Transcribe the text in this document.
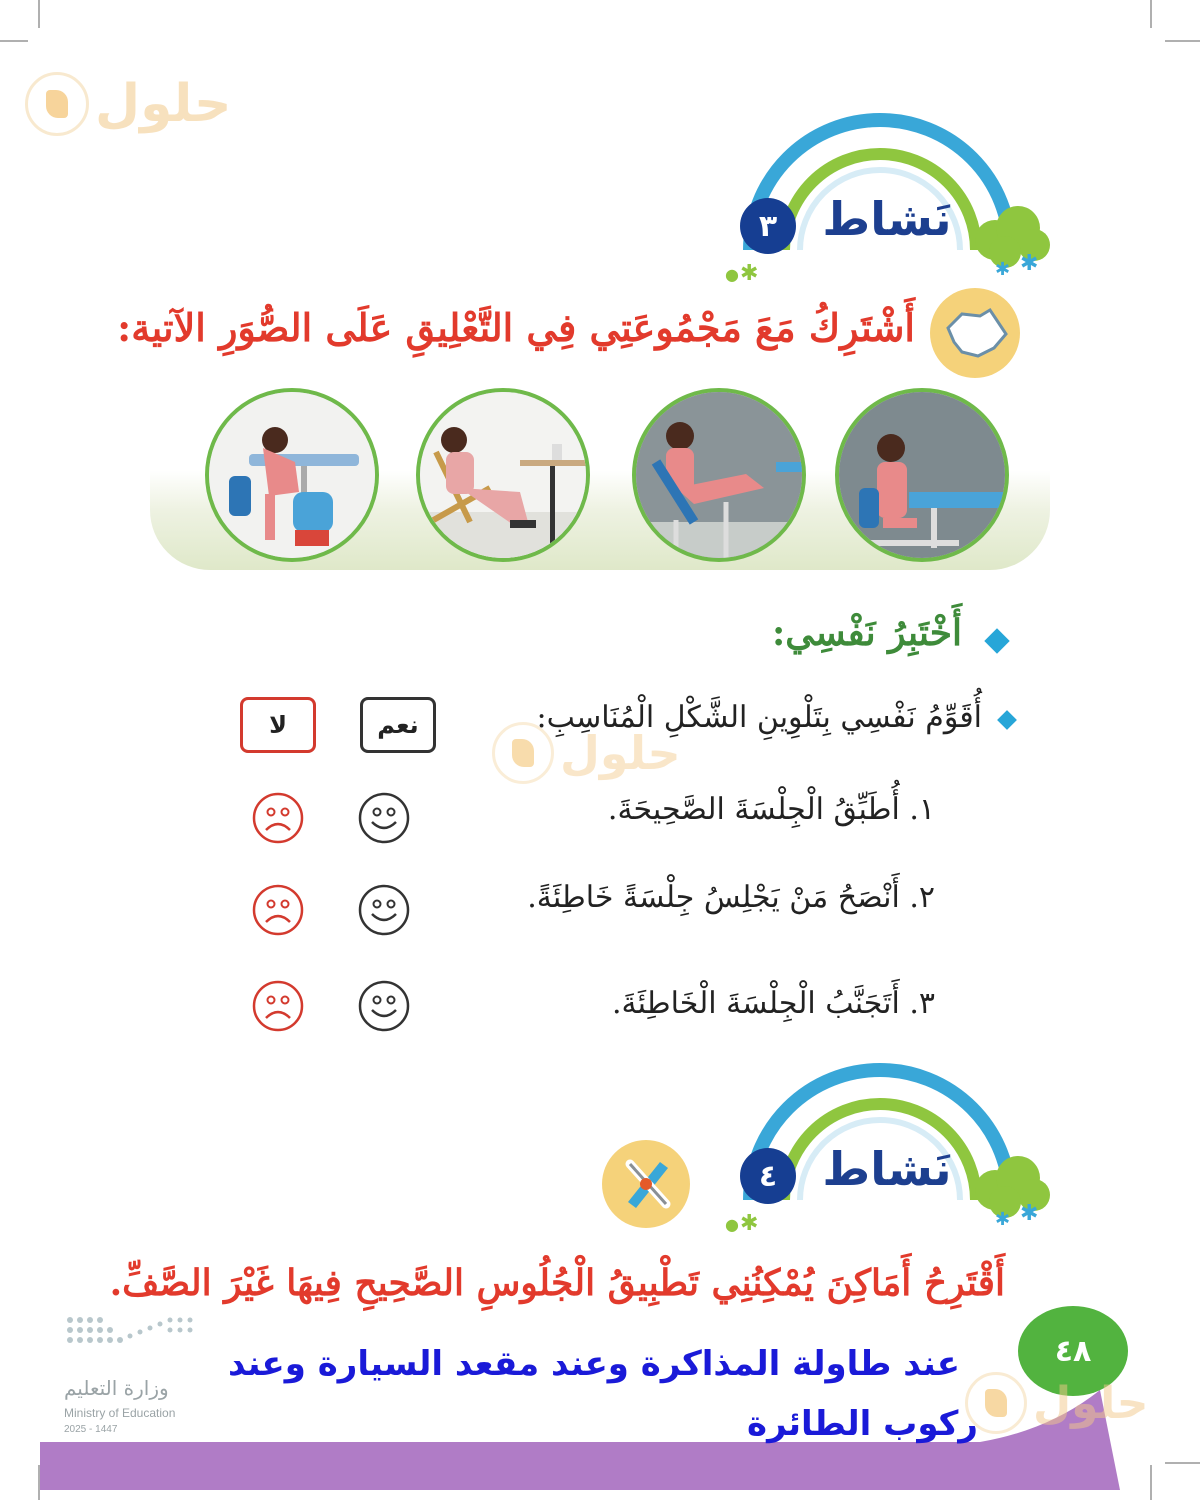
حلول
✱
✱
✱
●
نَشاط
٣
أَشْتَرِكُ مَعَ مَجْمُوعَتِي فِي التَّعْلِيقِ عَلَى الصُّوَرِ الآتية:
أَخْتَبِرُ نَفْسِي:
أُقَوِّمُ نَفْسِي بِتَلْوِينِ الشَّكْلِ الْمُنَاسِبِ:
حلول
نعم
لا
١. أُطَبِّقُ الْجِلْسَةَ الصَّحِيحَةَ.
٢. أَنْصَحُ مَنْ يَجْلِسُ جِلْسَةً خَاطِئَةً.
٣. أَتَجَنَّبُ الْجِلْسَةَ الْخَاطِئَةَ.
✱
✱
✱
●
نَشاط
٤
أَقْتَرِحُ أَمَاكِنَ يُمْكِنُنِي تَطْبِيقُ الْجُلُوسِ الصَّحِيحِ فِيهَا غَيْرَ الصَّفِّ.
٤٨
حلول
عند طاولة المذاكرة وعند مقعد السيارة وعند
ركوب الطائرة
وزارة التعليم
Ministry of Education
2025 - 1447
